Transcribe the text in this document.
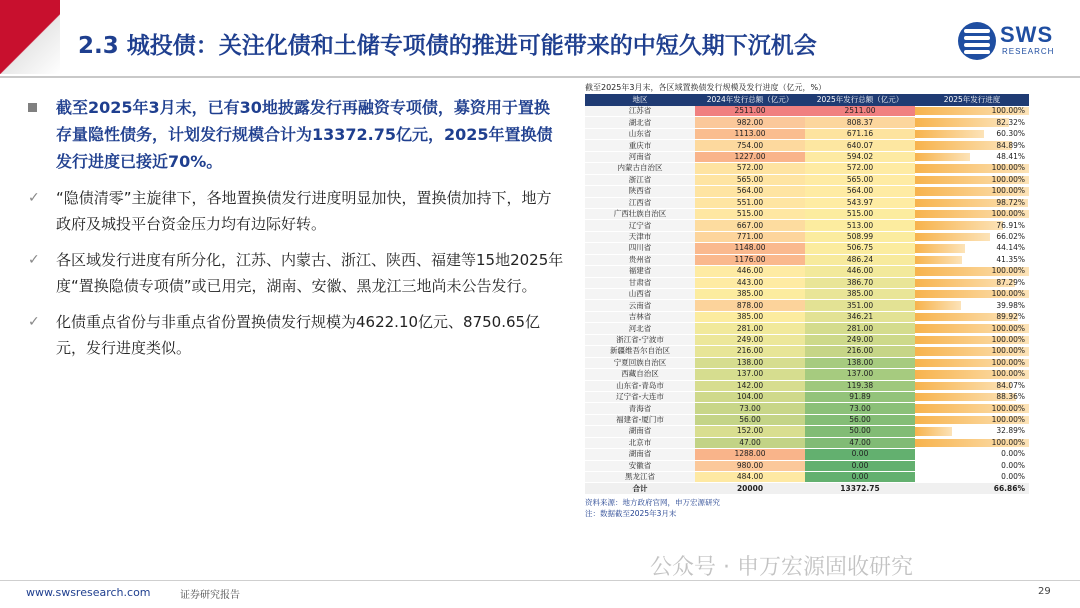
2.3 城投债：关注化债和土储专项债的推进可能带来的中短久期下沉机会	SWS
RESEARCH
截至2025年3月末，已有30地披露发行再融资专项债，募资用于置换存量隐性债务，计划发行规模合计为13372.75亿元，2025年置换债发行进度已接近70%。
✓ “隐债清零”主旋律下，各地置换债发行进度明显加快，置换债加持下，地方政府及城投平台资金压力均有边际好转。
✓ 各区域发行进度有所分化，江苏、内蒙古、浙江、陕西、福建等15地2025年度“置换隐债专项债”或已用完，湖南、安徽、黑龙江三地尚未公告发行。
✓ 化债重点省份与非重点省份置换债发行规模为4622.10亿元、8750.65亿元，发行进度类似。
截至2025年3月末，各区域置换债发行规模及发行进度（亿元，%）
地区	2024年发行总额（亿元）	2025年发行总额（亿元）	2025年发行进度
江苏省	2511.00	2511.00	100.00%
湖北省	982.00	808.37	82.32%
山东省	1113.00	671.16	60.30%
重庆市	754.00	640.07	84.89%
河南省	1227.00	594.02	48.41%
内蒙古自治区	572.00	572.00	100.00%
浙江省	565.00	565.00	100.00%
陕西省	564.00	564.00	100.00%
江西省	551.00	543.97	98.72%
广西壮族自治区	515.00	515.00	100.00%
辽宁省	667.00	513.00	76.91%
天津市	771.00	508.99	66.02%
四川省	1148.00	506.75	44.14%
贵州省	1176.00	486.24	41.35%
福建省	446.00	446.00	100.00%
甘肃省	443.00	386.70	87.29%
山西省	385.00	385.00	100.00%
云南省	878.00	351.00	39.98%
吉林省	385.00	346.21	89.92%
河北省	281.00	281.00	100.00%
浙江省-宁波市	249.00	249.00	100.00%
新疆维吾尔自治区	216.00	216.00	100.00%
宁夏回族自治区	138.00	138.00	100.00%
西藏自治区	137.00	137.00	100.00%
山东省-青岛市	142.00	119.38	84.07%
辽宁省-大连市	104.00	91.89	88.36%
青海省	73.00	73.00	100.00%
福建省-厦门市	56.00	56.00	100.00%
湖南省	152.00	50.00	32.89%
北京市	47.00	47.00	100.00%
湖南省	1288.00	0.00	0.00%
安徽省	980.00	0.00	0.00%
黑龙江省	484.00	0.00	0.00%
合计	20000	13372.75	66.86%
资料来源：地方政府官网，申万宏源研究
注：数据截至2025年3月末
公众号 · 申万宏源固收研究
www.swsresearch.com	证券研究报告	29
